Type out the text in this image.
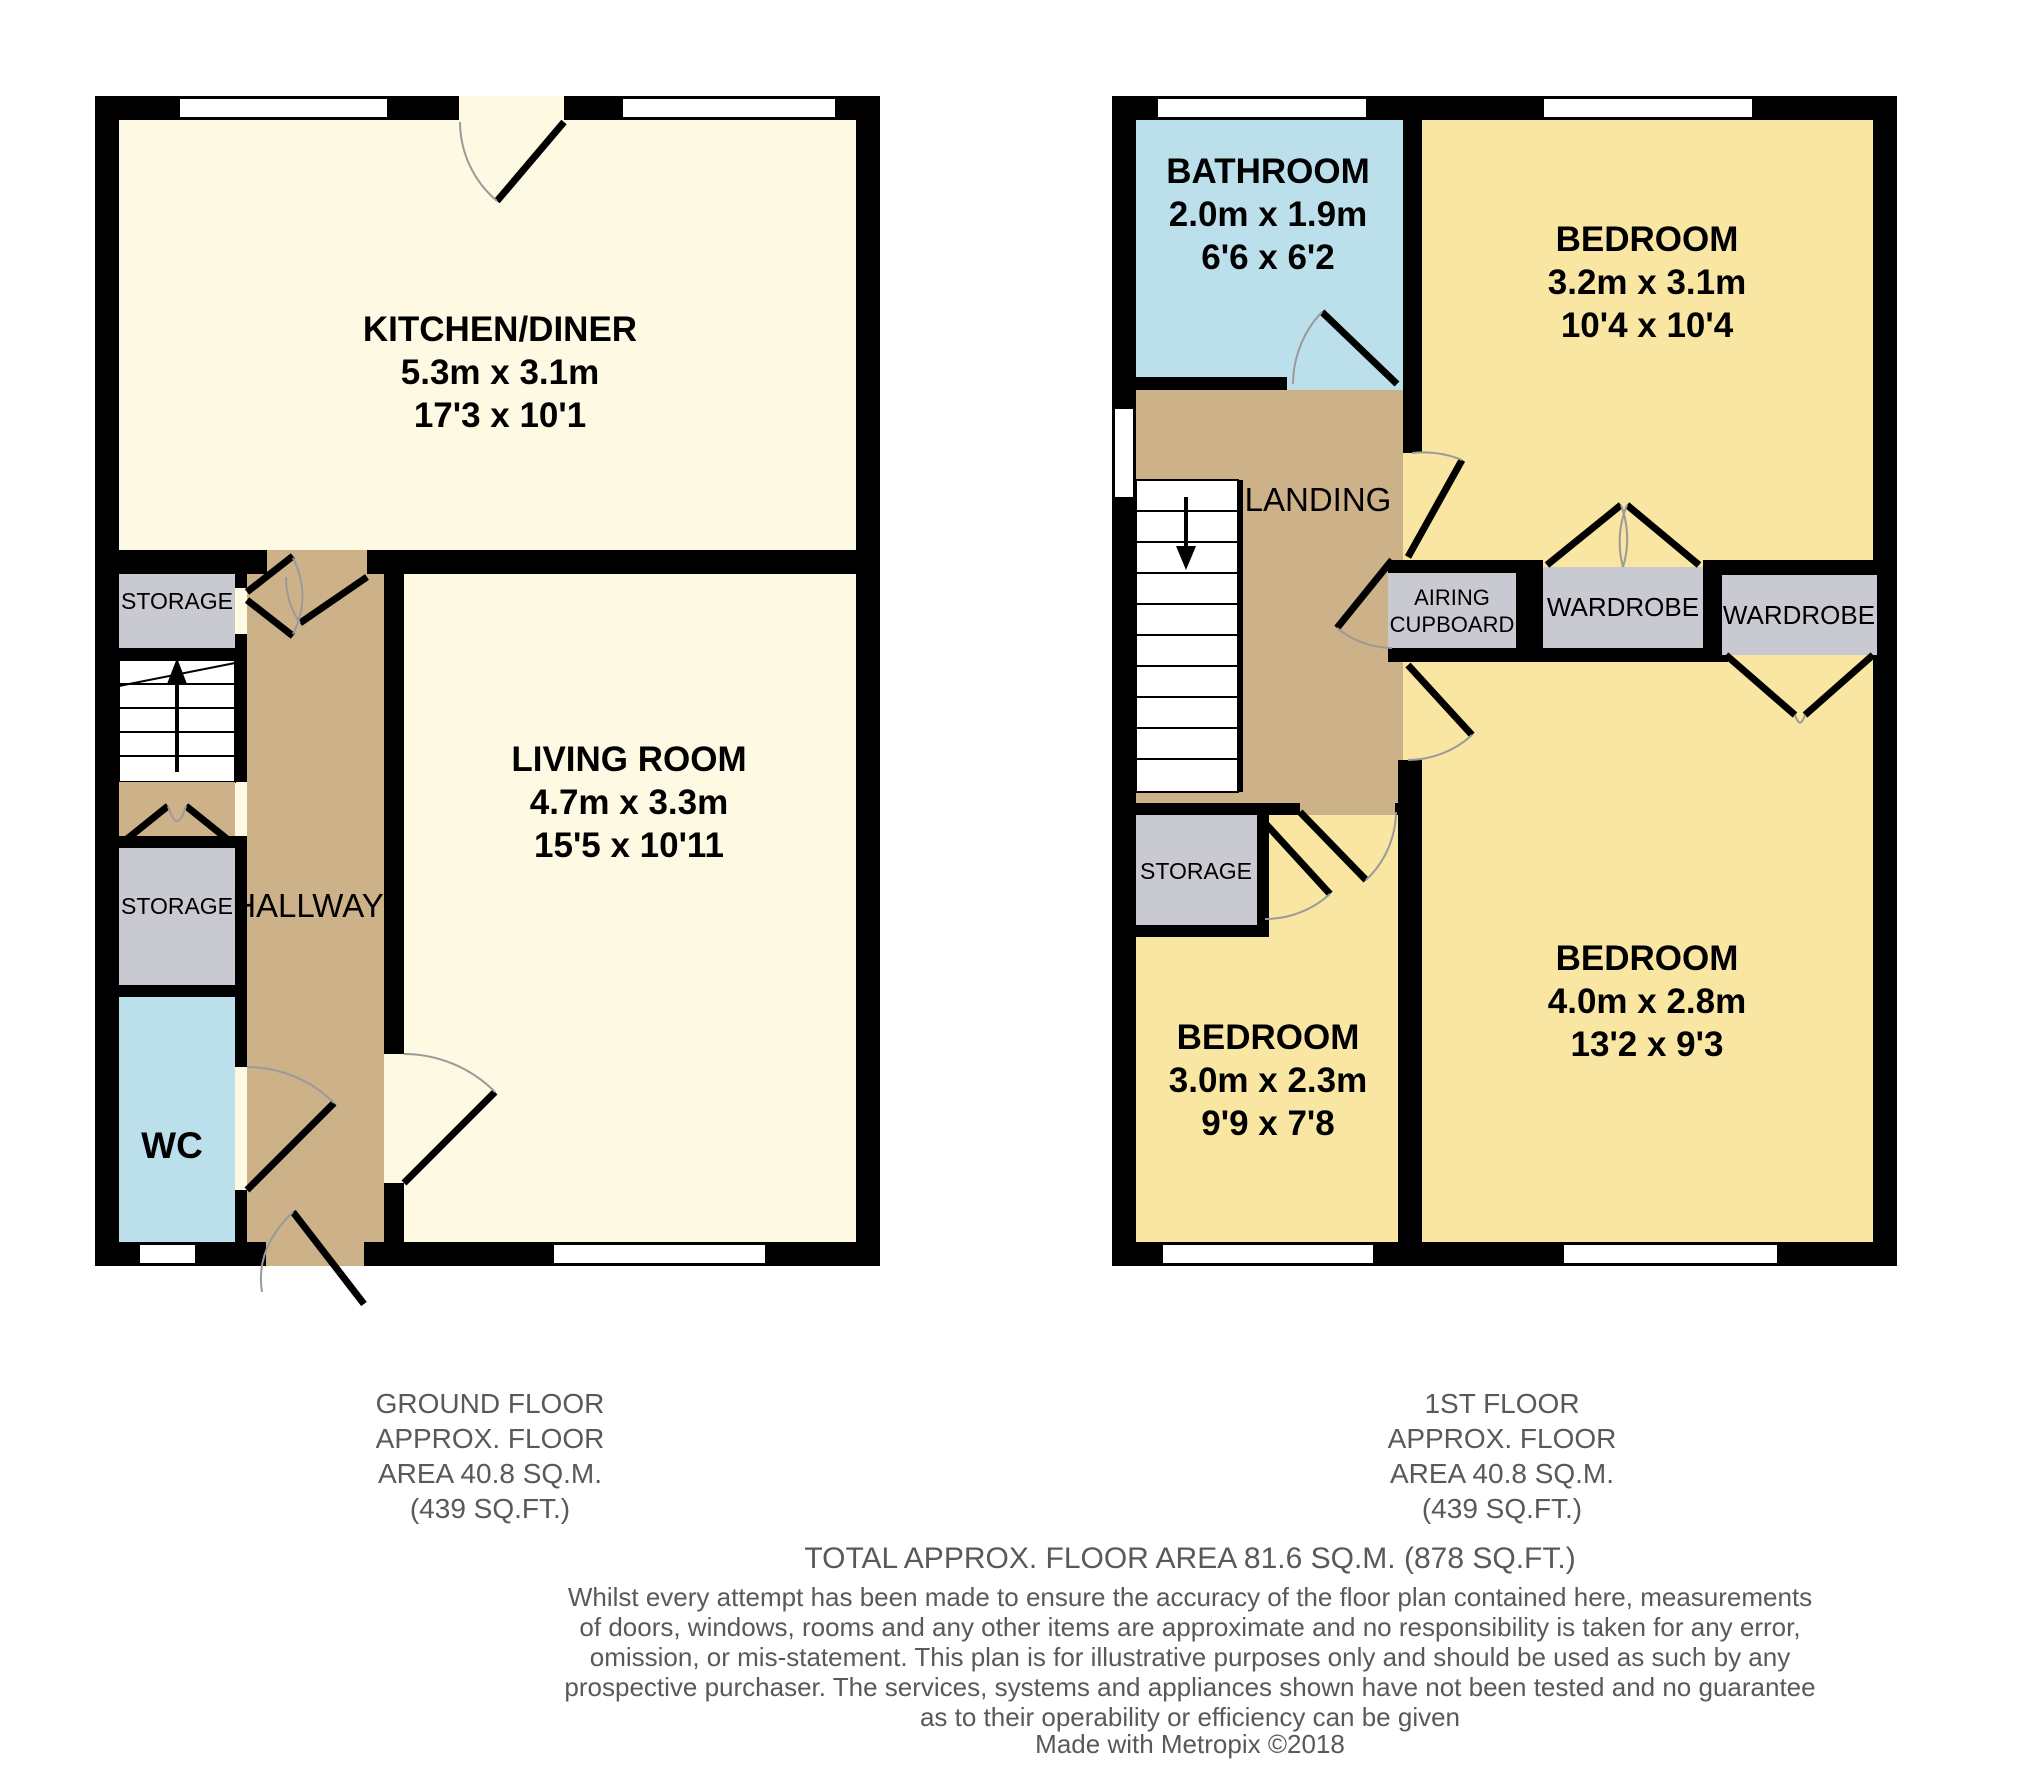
KITCHEN/DINER
5.3m x 3.1m
17'3 x 10'1
LIVING ROOM
4.7m x 3.3m
15'5 x 10'11
STORAGE
STORAGE HALLWAY
WC
BATHROOM
2.0m x 1.9m
6'6 x 6'2	BEDROOM
3.2m x 3.1m
10'4 x 10'4
LANDING
AIRING
CUPBOARD
WARDROBE WARDROBE
STORAGE
BEDROOM
3.0m x 2.3m
9'9 x 7'8
BEDROOM
4.0m x 2.8m
13'2 x 9'3
GROUND FLOOR
APPROX. FLOOR
AREA 40.8 SQ.M.
(439 SQ.FT.)
1ST FLOOR
APPROX. FLOOR
AREA 40.8 SQ.M.
(439 SQ.FT.)
TOTAL APPROX. FLOOR AREA 81.6 SQ.M. (878 SQ.FT.)
Whilst every attempt has been made to ensure the accuracy of the floor plan contained here, measurements
of doors, windows, rooms and any other items are approximate and no responsibility is taken for any error,
omission, or mis-statement. This plan is for illustrative purposes only and should be used as such by any
prospective purchaser. The services, systems and appliances shown have not been tested and no guarantee
as to their operability or efficiency can be given
Made with Metropix ©2018
